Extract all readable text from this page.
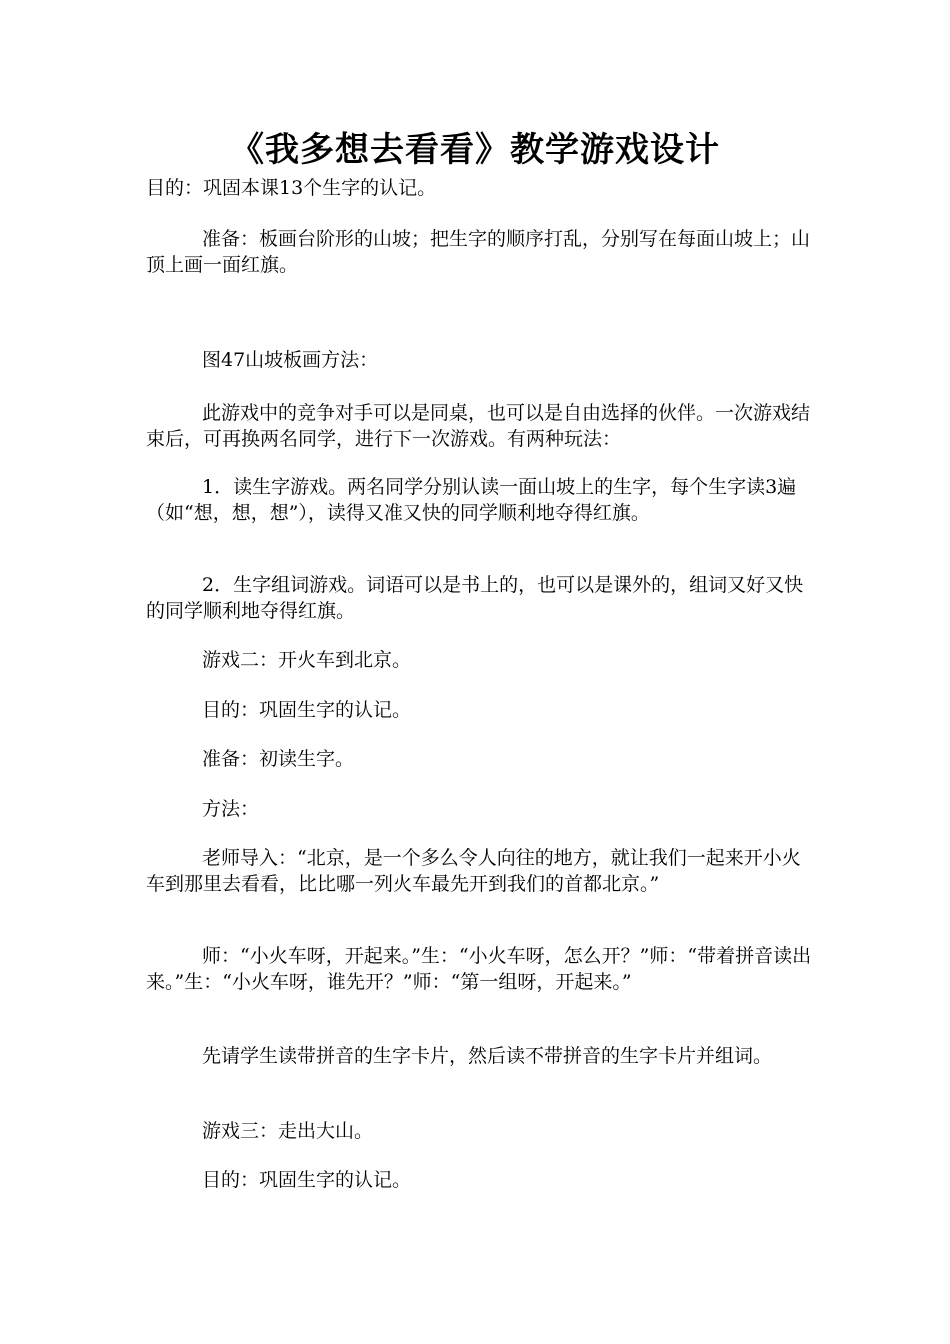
《我多想去看看》教学游戏设计

目的：巩固本课13个生字的认记。

准备：板画台阶形的山坡；把生字的顺序打乱，分别写在每面山坡上；山顶上画一面红旗。

图47山坡板画方法：

此游戏中的竞争对手可以是同桌，也可以是自由选择的伙伴。一次游戏结束后，可再换两名同学，进行下一次游戏。有两种玩法：

1．读生字游戏。两名同学分别认读一面山坡上的生字，每个生字读3遍（如“想，想，想”），读得又准又快的同学顺利地夺得红旗。

2．生字组词游戏。词语可以是书上的，也可以是课外的，组词又好又快的同学顺利地夺得红旗。

游戏二：开火车到北京。

目的：巩固生字的认记。

准备：初读生字。

方法：

老师导入：“北京，是一个多么令人向往的地方，就让我们一起来开小火车到那里去看看，比比哪一列火车最先开到我们的首都北京。”

师：“小火车呀，开起来。”生：“小火车呀，怎么开？”师：“带着拼音读出来。”生：“小火车呀，谁先开？”师：“第一组呀，开起来。”

先请学生读带拼音的生字卡片，然后读不带拼音的生字卡片并组词。

游戏三：走出大山。

目的：巩固生字的认记。
